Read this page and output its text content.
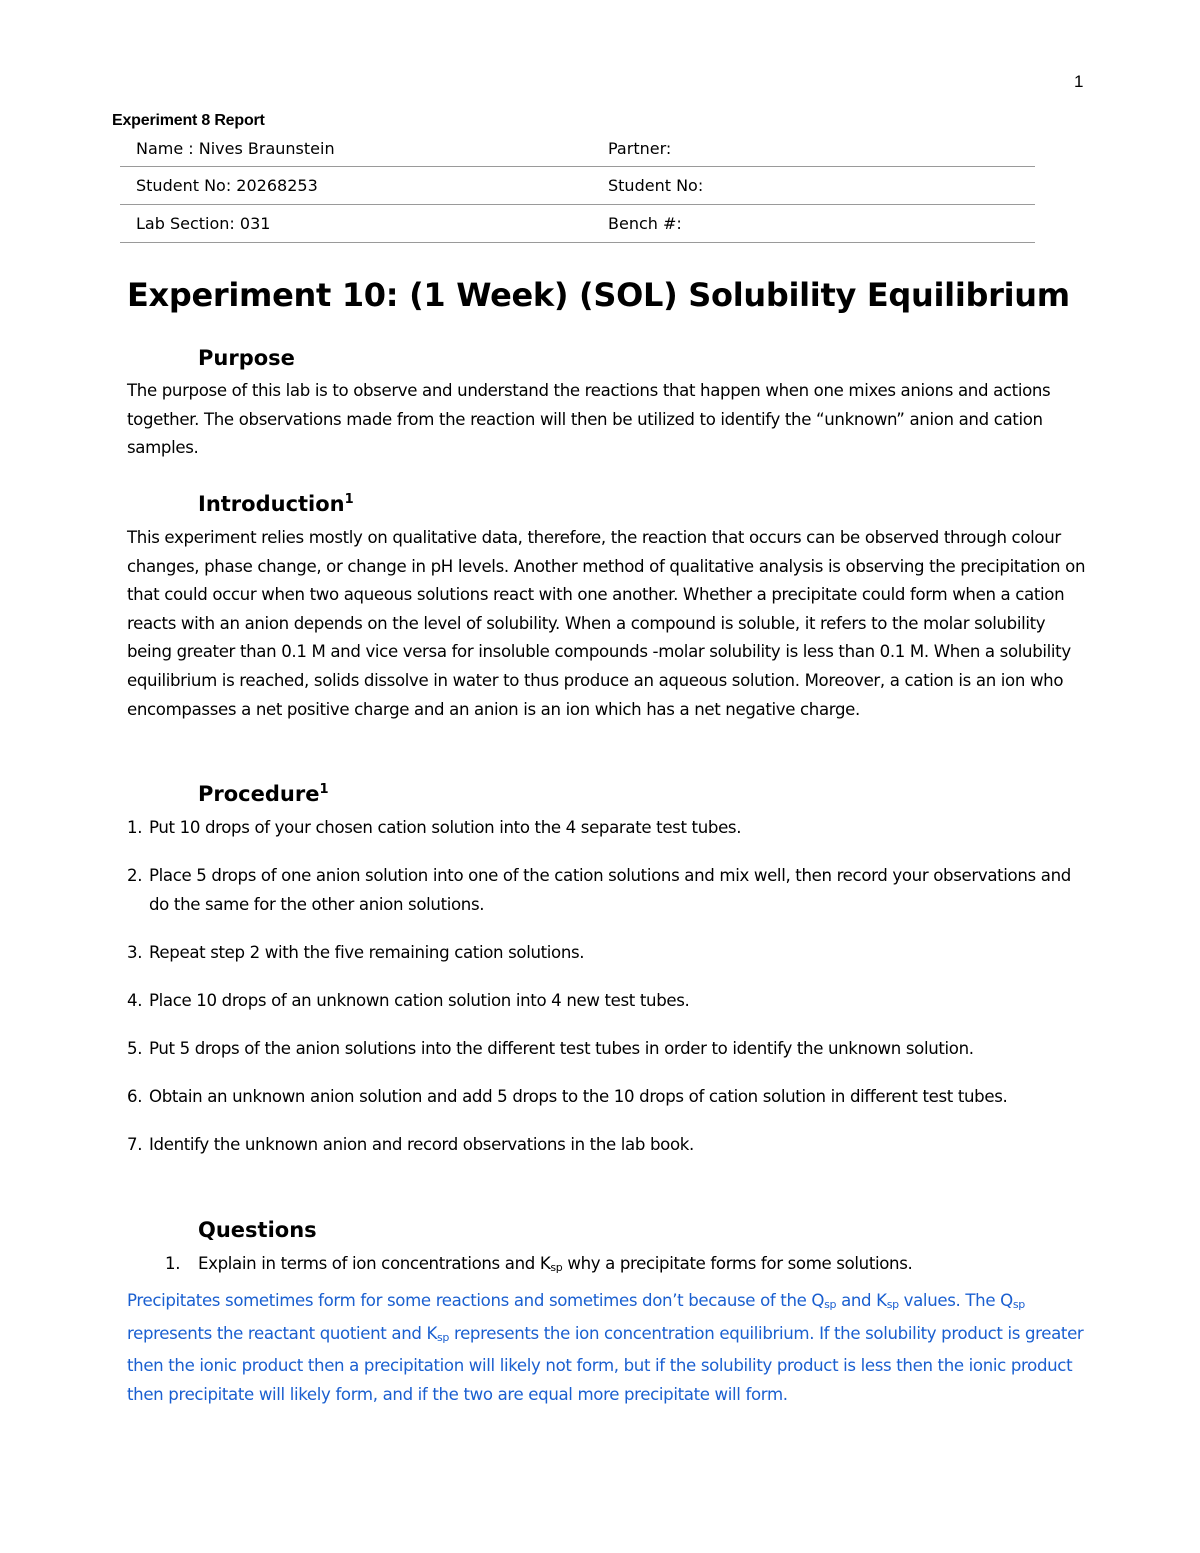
1
Experiment 8 Report
Name : Nives Braunstein	Partner:
Student No: 20268253	Student No:
Lab Section: 031	Bench #:
Experiment 10: (1 Week) (SOL) Solubility Equilibrium
Purpose

The purpose of this lab is to observe and understand the reactions that happen when one mixes anions and actions together. The observations made from the reaction will then be utilized to identify the “unknown” anion and cation samples.

Introduction$^1$

This experiment relies mostly on qualitative data, therefore, the reaction that occurs can be observed through colour changes, phase change, or change in pH levels. Another method of qualitative analysis is observing the precipitation on that could occur when two aqueous solutions react with one another. Whether a precipitate could form when a cation reacts with an anion depends on the level of solubility. When a compound is soluble, it refers to the molar solubility being greater than 0.1 M and vice versa for insoluble compounds -molar solubility is less than 0.1 M. When a solubility equilibrium is reached, solids dissolve in water to thus produce an aqueous solution. Moreover, a cation is an ion who encompasses a net positive charge and an anion is an ion which has a net negative charge.

Procedure$^1$
1. Put 10 drops of your chosen cation solution into the 4 separate test tubes.
2. Place 5 drops of one anion solution into one of the cation solutions and mix well, then record your observations and do the same for the other anion solutions.
3. Repeat step 2 with the five remaining cation solutions.
4. Place 10 drops of an unknown cation solution into 4 new test tubes.
5. Put 5 drops of the anion solutions into the different test tubes in order to identify the unknown solution.
6. Obtain an unknown anion solution and add 5 drops to the 10 drops of cation solution in different test tubes.
7. Identify the unknown anion and record observations in the lab book.
Questions
1. Explain in terms of ion concentrations and Ksp why a precipitate forms for some solutions.

Precipitates sometimes form for some reactions and sometimes don’t because of the Qsp and Ksp values. The Qsp represents the reactant quotient and Ksp represents the ion concentration equilibrium. If the solubility product is greater then the ionic product then a precipitation will likely not form, but if the solubility product is less then the ionic product then precipitate will likely form, and if the two are equal more precipitate will form.
